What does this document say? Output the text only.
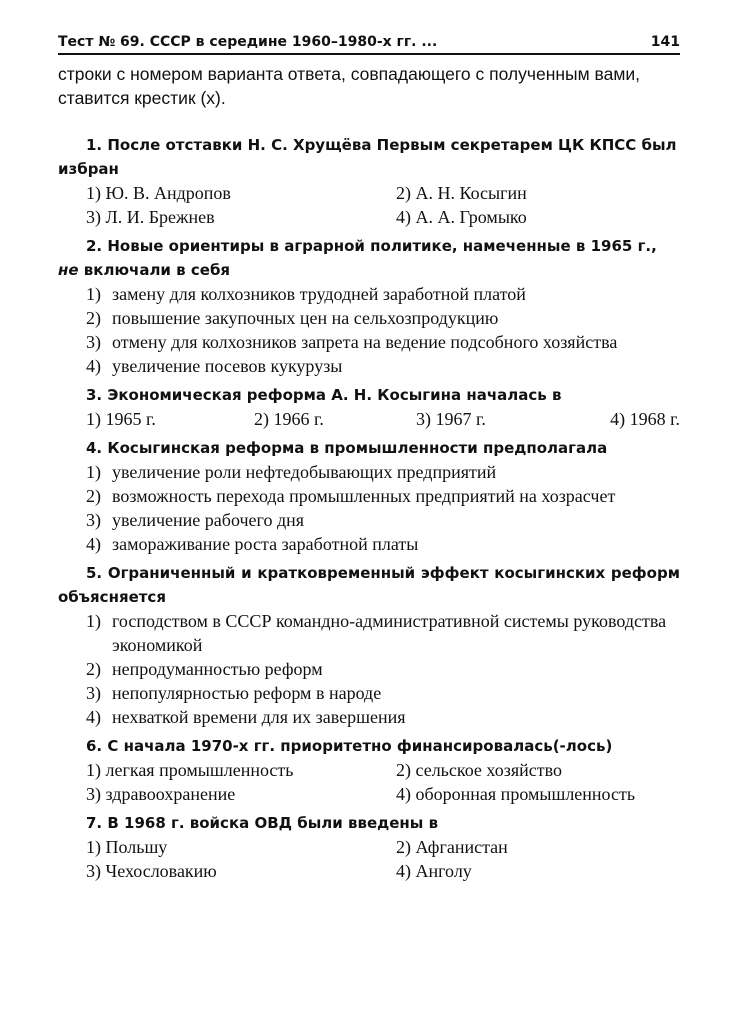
Тест № 69. СССР в середине 1960–1980-х гг. ...	141
строки с номером варианта ответа, совпадающего с полученным вами, ставится крестик (x).
1. После отставки Н. С. Хрущёва Первым секретарем ЦК КПСС был избран
1) Ю. В. Андропов	2) А. Н. Косыгин
3) Л. И. Брежнев	4) А. А. Громыко
2. Новые ориентиры в аграрной политике, намеченные в 1965 г., не включали в себя
1) замену для колхозников трудодней заработной платой
2) повышение закупочных цен на сельхозпродукцию
3) отмену для колхозников запрета на ведение подсобного хозяйства
4) увеличение посевов кукурузы
3. Экономическая реформа А. Н. Косыгина началась в
1) 1965 г.	2) 1966 г.	3) 1967 г.	4) 1968 г.
4. Косыгинская реформа в промышленности предполагала
1) увеличение роли нефтедобывающих предприятий
2) возможность перехода промышленных предприятий на хозрасчет
3) увеличение рабочего дня
4) замораживание роста заработной платы
5. Ограниченный и кратковременный эффект косыгинских реформ объясняется
1) господством в СССР командно-административной системы руководства экономикой
2) непродуманностью реформ
3) непопулярностью реформ в народе
4) нехваткой времени для их завершения
6. С начала 1970-х гг. приоритетно финансировалась(-лось)
1) легкая промышленность	2) сельское хозяйство
3) здравоохранение	4) оборонная промышленность
7. В 1968 г. войска ОВД были введены в
1) Польшу	2) Афганистан
3) Чехословакию	4) Анголу
